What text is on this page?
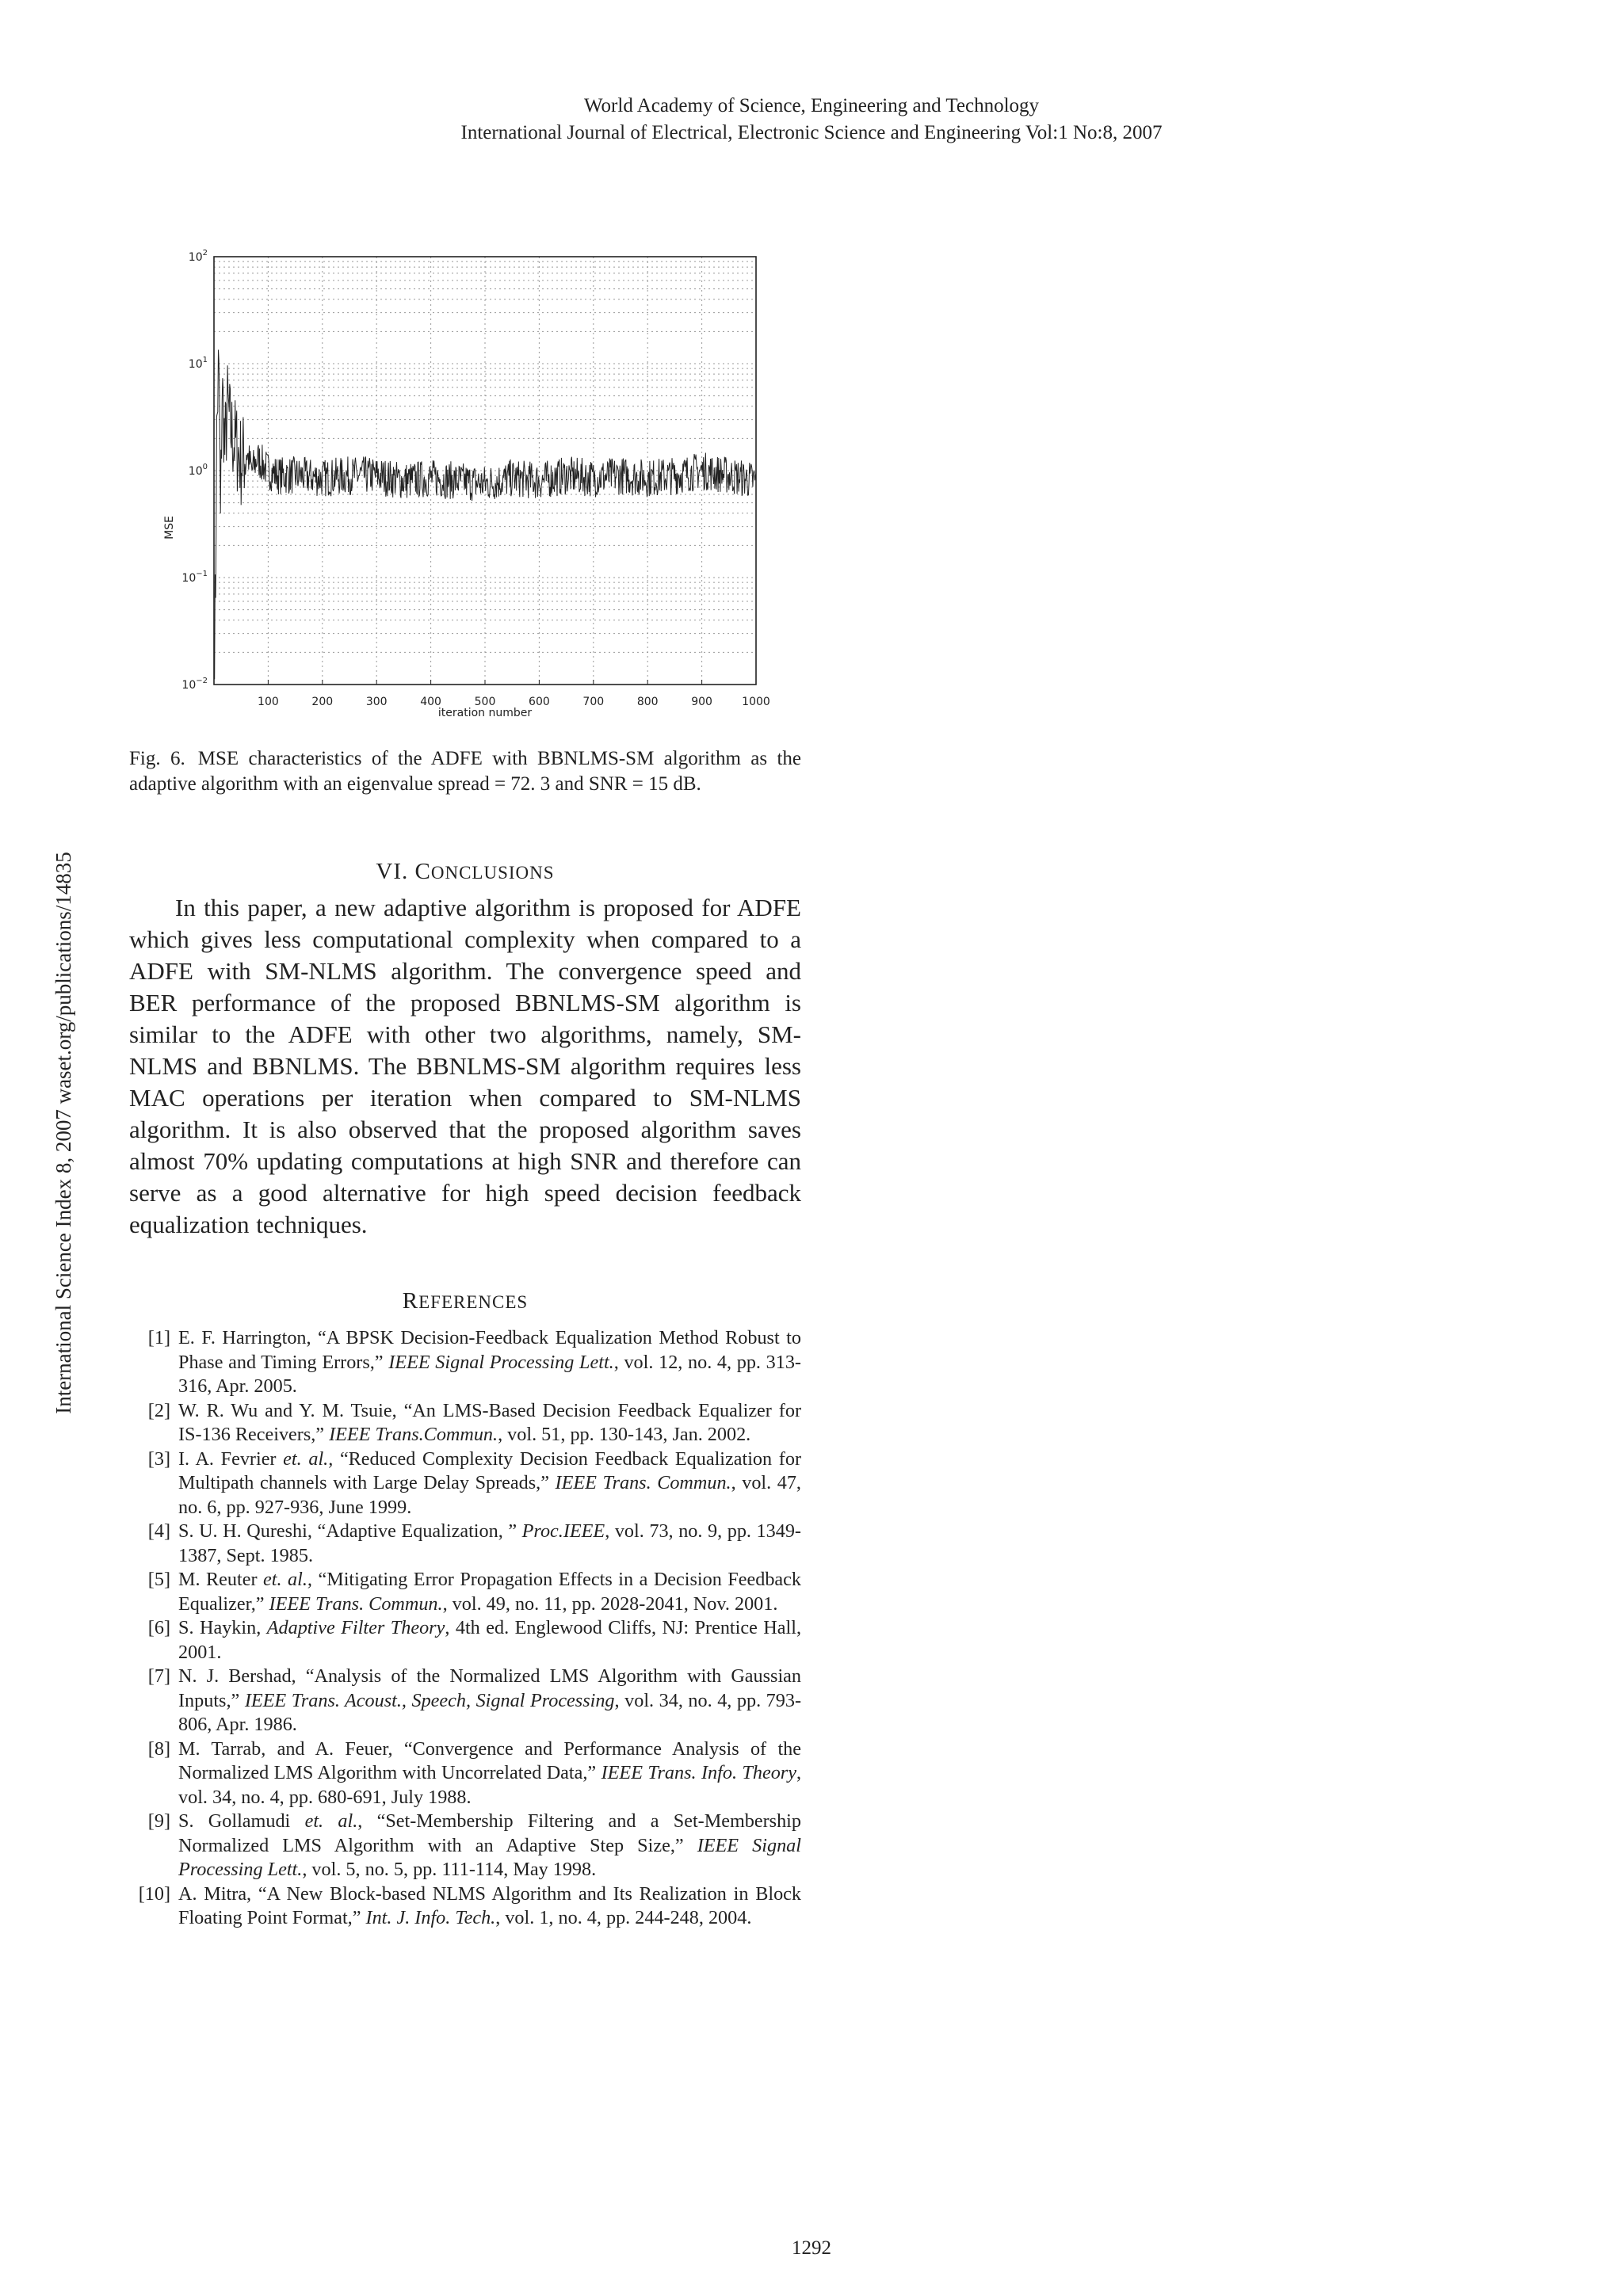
World Academy of Science, Engineering and Technology
International Journal of Electrical, Electronic Science and Engineering Vol:1 No:8, 2007
International Science Index 8, 2007 waset.org/publications/14835
100	200	300	400	500	600	700	800	900	1000
$10^2$
$10^1$
$10^0$
$10^{-1}$
$10^{-2}$
iteration number
MSE
Fig. 6. MSE characteristics of the ADFE with BBNLMS-SM algorithm as the adaptive algorithm with an eigenvalue spread = 72. 3 and SNR = 15 dB.
VI. CONCLUSIONS
In this paper, a new adaptive algorithm is proposed for ADFE which gives less computational complexity when compared to a ADFE with SM-NLMS algorithm. The convergence speed and BER performance of the proposed BBNLMS-SM algorithm is similar to the ADFE with other two algorithms, namely, SM-NLMS and BBNLMS. The BBNLMS-SM algorithm requires less MAC operations per iteration when compared to SM-NLMS algorithm. It is also observed that the proposed algorithm saves almost 70% updating computations at high SNR and therefore can serve as a good alternative for high speed decision feedback equalization techniques.
REFERENCES
[1] E. F. Harrington, “A BPSK Decision-Feedback Equalization Method Robust to Phase and Timing Errors,” IEEE Signal Processing Lett., vol. 12, no. 4, pp. 313-316, Apr. 2005.
[2] W. R. Wu and Y. M. Tsuie, “An LMS-Based Decision Feedback Equalizer for IS-136 Receivers,” IEEE Trans.Commun., vol. 51, pp. 130-143, Jan. 2002.
[3] I. A. Fevrier et. al., “Reduced Complexity Decision Feedback Equalization for Multipath channels with Large Delay Spreads,” IEEE Trans. Commun., vol. 47, no. 6, pp. 927-936, June 1999.
[4] S. U. H. Qureshi, “Adaptive Equalization, ” Proc.IEEE, vol. 73, no. 9, pp. 1349-1387, Sept. 1985.
[5] M. Reuter et. al., “Mitigating Error Propagation Effects in a Decision Feedback Equalizer,” IEEE Trans. Commun., vol. 49, no. 11, pp. 2028-2041, Nov. 2001.
[6] S. Haykin, Adaptive Filter Theory, 4th ed. Englewood Cliffs, NJ: Prentice Hall, 2001.
[7] N. J. Bershad, “Analysis of the Normalized LMS Algorithm with Gaussian Inputs,” IEEE Trans. Acoust., Speech, Signal Processing, vol. 34, no. 4, pp. 793-806, Apr. 1986.
[8] M. Tarrab, and A. Feuer, “Convergence and Performance Analysis of the Normalized LMS Algorithm with Uncorrelated Data,” IEEE Trans. Info. Theory, vol. 34, no. 4, pp. 680-691, July 1988.
[9] S. Gollamudi et. al., “Set-Membership Filtering and a Set-Membership Normalized LMS Algorithm with an Adaptive Step Size,” IEEE Signal Processing Lett., vol. 5, no. 5, pp. 111-114, May 1998.
[10] A. Mitra, “A New Block-based NLMS Algorithm and Its Realization in Block Floating Point Format,” Int. J. Info. Tech., vol. 1, no. 4, pp. 244-248, 2004.
1292
